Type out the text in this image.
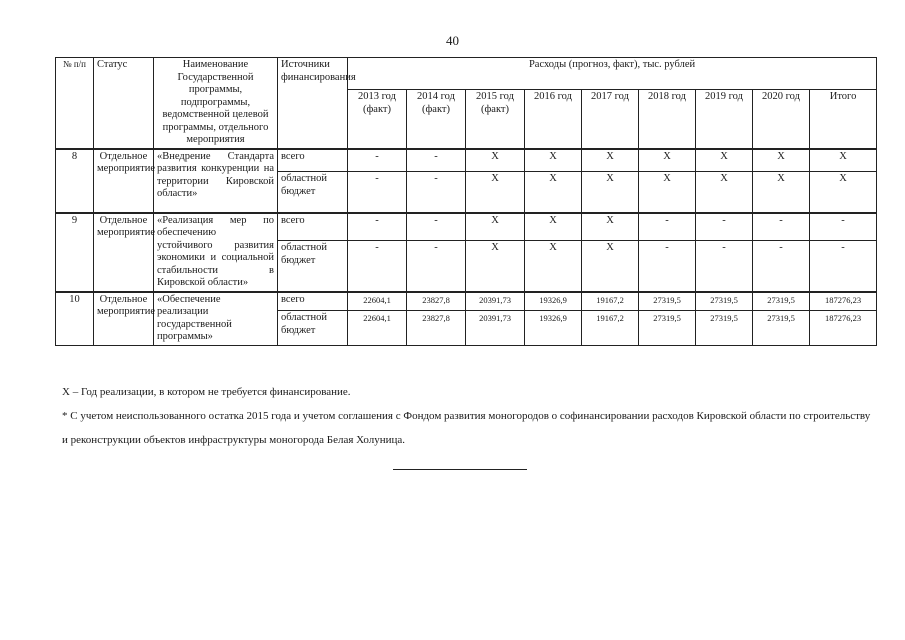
40
№ п/п	Статус	Наименование Государственной программы, подпрограммы, ведомственной целевой программы, отдельного мероприятия	Источники финансирования	Расходы (прогноз, факт), тыс. рублей								
				2013 год (факт)	2014 год (факт)	2015 год (факт)	2016 год	2017 год	2018 год	2019 год	2020 год	Итого
8	Отдельное мероприятие	«Внедрение Стандарта развития конкуренции на территории Кировской области»	всего	-	-	X	X	X	X	X	X	X
			областной бюджет	-	-	X	X	X	X	X	X	X
9	Отдельное мероприятие	«Реализация мер по обеспечению устойчивого развития экономики и социальной стабильности в Кировской области»	всего	-	-	X	X	X	-	-	-	-
			областной бюджет	-	-	X	X	X	-	-	-	-
10	Отдельное мероприятие	«Обеспечение реализации государственной программы»	всего	22604,1	23827,8	20391,73	19326,9	19167,2	27319,5	27319,5	27319,5	187276,23
			областной бюджет	22604,1	23827,8	20391,73	19326,9	19167,2	27319,5	27319,5	27319,5	187276,23

Х – Год реализации, в котором не требуется финансирование.

* С учетом неиспользованного остатка 2015 года и учетом соглашения с Фондом развития моногородов о софинансировании расходов Кировской области по строительству и реконструкции объектов инфраструктуры моногорода Белая Холуница.
